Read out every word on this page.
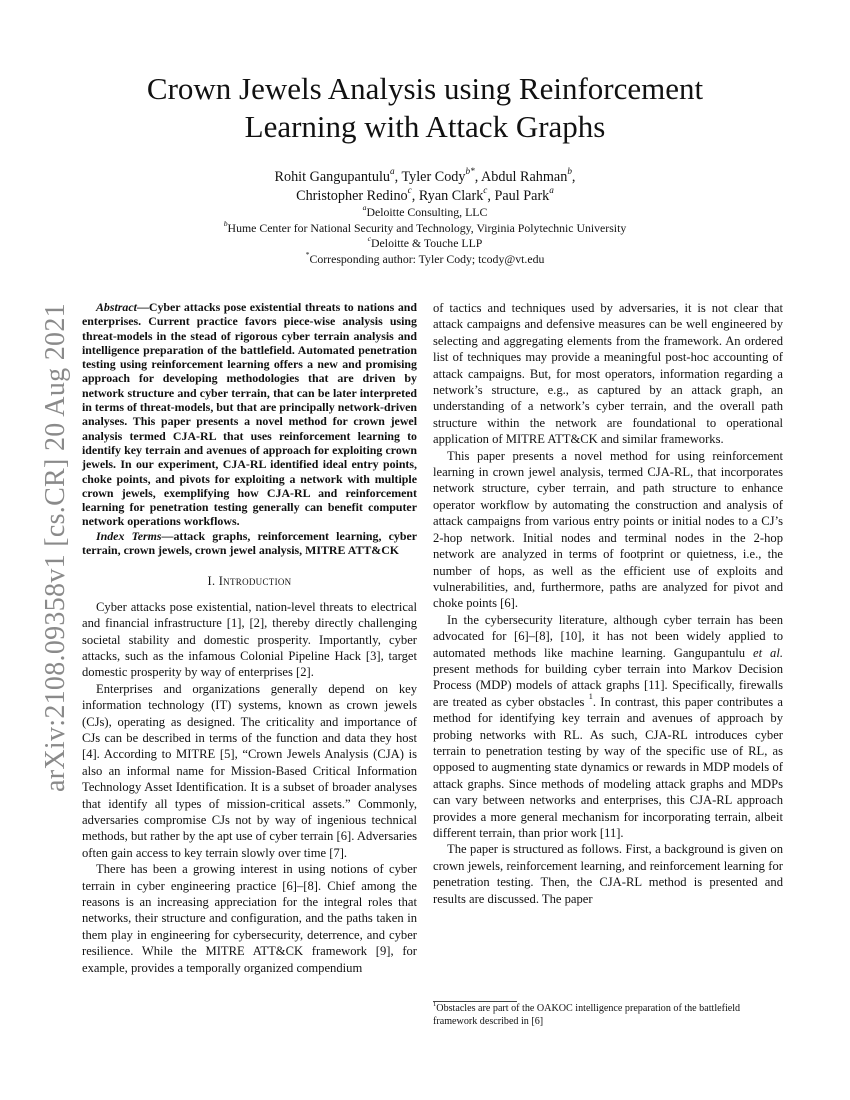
Crown Jewels Analysis using Reinforcement
Learning with Attack Graphs
Rohit Gangupantulu$^a$, Tyler Cody$^{b*}$, Abdul Rahman$^b$,
Christopher Redino$^c$, Ryan Clark$^c$, Paul Park$^a$
$^a$Deloitte Consulting, LLC
$^b$Hume Center for National Security and Technology, Virginia Polytechnic University
$^c$Deloitte & Touche LLP
*Corresponding author: Tyler Cody; tcody@vt.edu
arXiv:2108.09358v1 [cs.CR] 20 Aug 2021	Abstract—Cyber attacks pose existential threats to nations and enterprises. Current practice favors piece-wise analysis using threat-models in the stead of rigorous cyber terrain analysis and intelligence preparation of the battlefield. Automated penetration testing using reinforcement learning offers a new and promising approach for developing methodologies that are driven by network structure and cyber terrain, that can be later interpreted in terms of threat-models, but that are principally network-driven analyses. This paper presents a novel method for crown jewel analysis termed CJA-RL that uses reinforcement learning to identify key terrain and avenues of approach for exploiting crown jewels. In our experiment, CJA-RL identified ideal entry points, choke points, and pivots for exploiting a network with multiple crown jewels, exemplifying how CJA-RL and reinforcement learning for penetration testing generally can benefit computer network operations workflows.

Index Terms—attack graphs, reinforcement learning, cyber terrain, crown jewels, crown jewel analysis, MITRE ATT&CK

I. Introduction

Cyber attacks pose existential, nation-level threats to electrical and financial infrastructure [1], [2], thereby directly challenging societal stability and domestic prosperity. Importantly, cyber attacks, such as the infamous Colonial Pipeline Hack [3], target domestic prosperity by way of enterprises [2].

Enterprises and organizations generally depend on key information technology (IT) systems, known as crown jewels (CJs), operating as designed. The criticality and importance of CJs can be described in terms of the function and data they host [4]. According to MITRE [5], “Crown Jewels Analysis (CJA) is also an informal name for Mission-Based Critical Information Technology Asset Identification. It is a subset of broader analyses that identify all types of mission-critical assets.” Commonly, adversaries compromise CJs not by way of ingenious technical methods, but rather by the apt use of cyber terrain [6]. Adversaries often gain access to key terrain slowly over time [7].

There has been a growing interest in using notions of cyber terrain in cyber engineering practice [6]–[8]. Chief among the reasons is an increasing appreciation for the integral roles that networks, their structure and configuration, and the paths taken in them play in engineering for cybersecurity, deterrence, and cyber resilience. While the MITRE ATT&CK framework [9], for example, provides a temporally organized compendium

of tactics and techniques used by adversaries, it is not clear that attack campaigns and defensive measures can be well engineered by selecting and aggregating elements from the framework. An ordered list of techniques may provide a meaningful post-hoc accounting of attack campaigns. But, for most operators, information regarding a network’s structure, e.g., as captured by an attack graph, an understanding of a network’s cyber terrain, and the overall path structure within the network are foundational to operational application of MITRE ATT&CK and similar frameworks.

This paper presents a novel method for using reinforcement learning in crown jewel analysis, termed CJA-RL, that incorporates network structure, cyber terrain, and path structure to enhance operator workflow by automating the construction and analysis of attack campaigns from various entry points or initial nodes to a CJ’s 2-hop network. Initial nodes and terminal nodes in the 2-hop network are analyzed in terms of footprint or quietness, i.e., the number of hops, as well as the efficient use of exploits and vulnerabilities, and, furthermore, paths are analyzed for pivot and choke points [6].

In the cybersecurity literature, although cyber terrain has been advocated for [6]–[8], [10], it has not been widely applied to automated methods like machine learning. Gangupantulu et al. present methods for building cyber terrain into Markov Decision Process (MDP) models of attack graphs [11]. Specifically, firewalls are treated as cyber obstacles $^1$. In contrast, this paper contributes a method for identifying key terrain and avenues of approach by probing networks with RL. As such, CJA-RL introduces cyber terrain to penetration testing by way of the specific use of RL, as opposed to augmenting state dynamics or rewards in MDP models of attack graphs. Since methods of modeling attack graphs and MDPs can vary between networks and enterprises, this CJA-RL approach provides a more general mechanism for incorporating terrain, albeit different terrain, than prior work [11].

The paper is structured as follows. First, a background is given on crown jewels, reinforcement learning, and reinforcement learning for penetration testing. Then, the CJA-RL method is presented and results are discussed. The paper

$^1$Obstacles are part of the OAKOC intelligence preparation of the battlefield framework described in [6]
